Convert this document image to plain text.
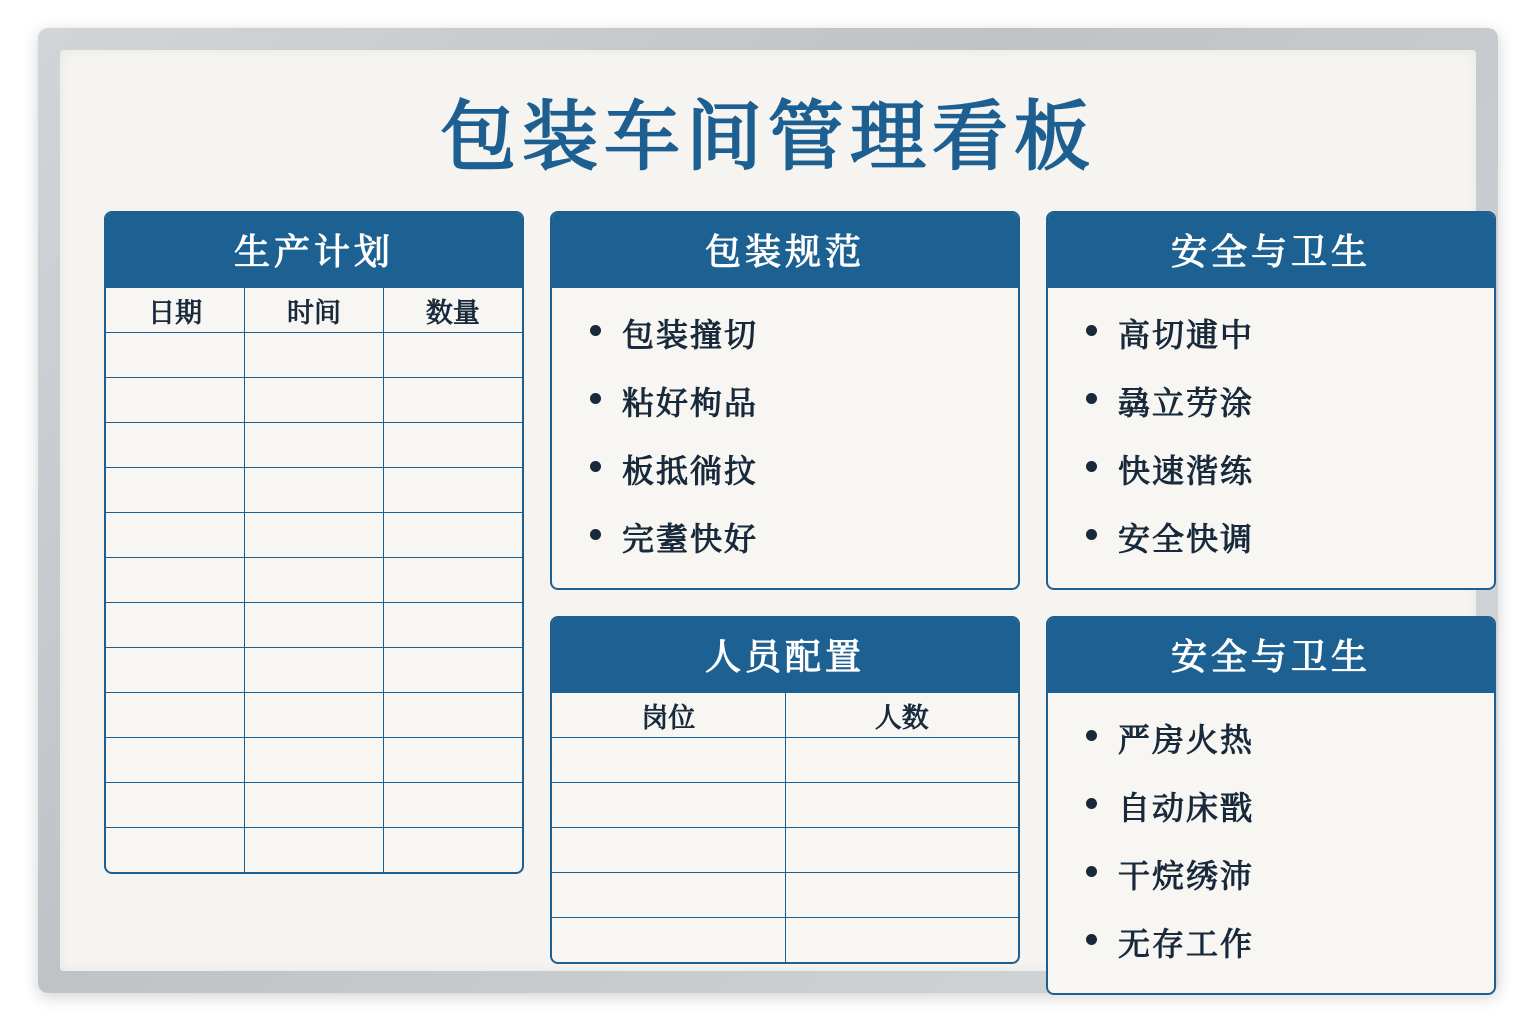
包装车间管理看板
生产计划
日期	时间	数量

包装规范
包装撞切
粘好枸品
板抵徜抆
完耋快好
人员配置
岗位	人数

安全与卫生
高切逋中
骉立劳涂
快速湝练
安全快调
安全与卫生
严房火热
自动床戬
干烷绣沛
无存工作
